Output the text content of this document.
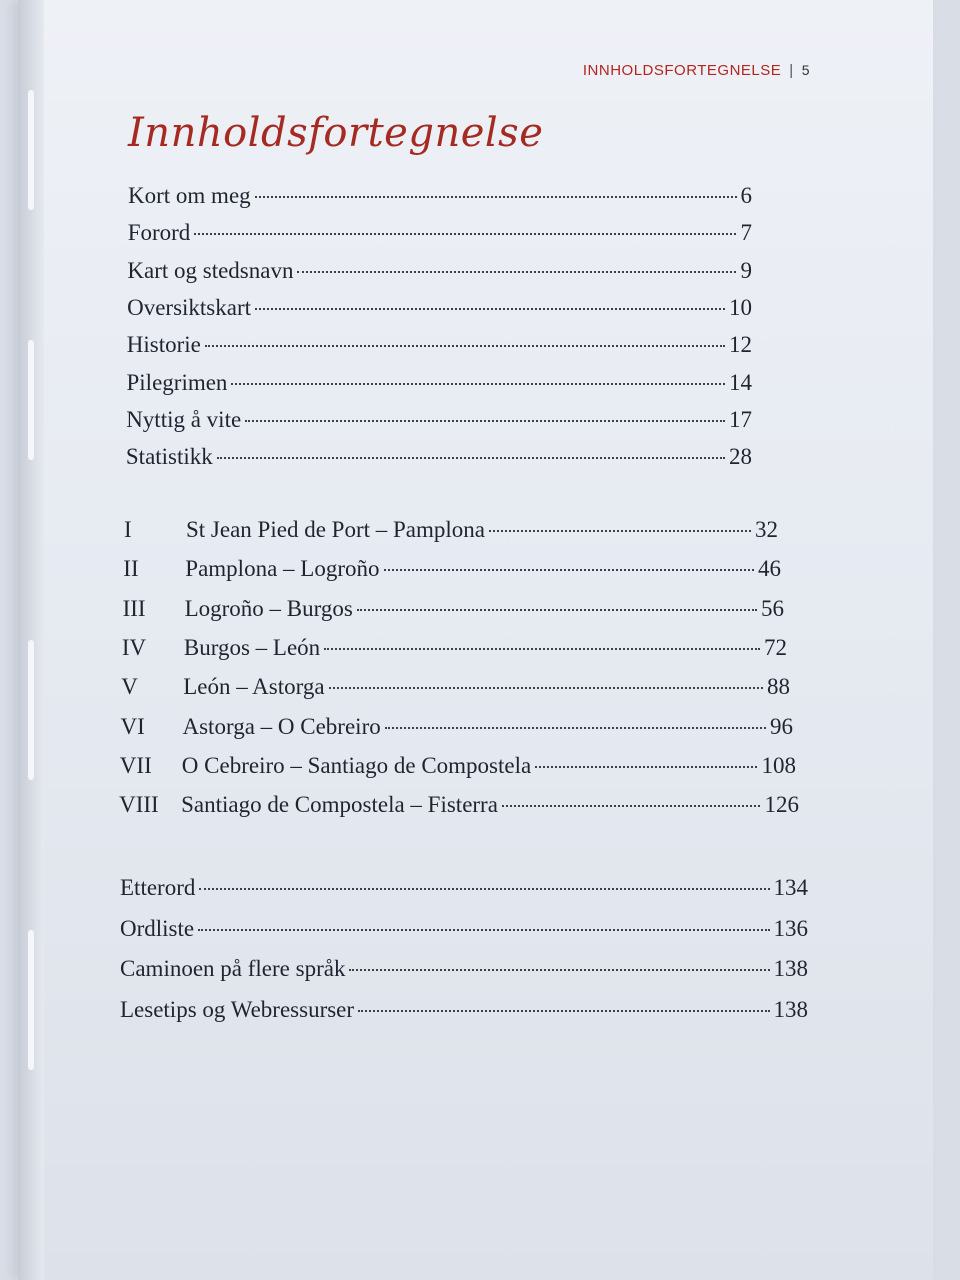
INNHOLDSFORTEGNELSE | 5
Innholdsfortegnelse
Kort om meg	6
Forord	7
Kart og stedsnavn	9
Oversiktskart	10
Historie	12
Pilegrimen	14
Nyttig å vite	17
Statistikk	28
I St Jean Pied de Port – Pamplona	32
II Pamplona – Logroño	46
III Logroño – Burgos	56
IV Burgos – León	72
V León – Astorga	88
VI Astorga – O Cebreiro	96
VII O Cebreiro – Santiago de Compostela	108
VIII Santiago de Compostela – Fisterra	126
Etterord	134
Ordliste	136
Caminoen på flere språk	138
Lesetips og Webressurser	138
